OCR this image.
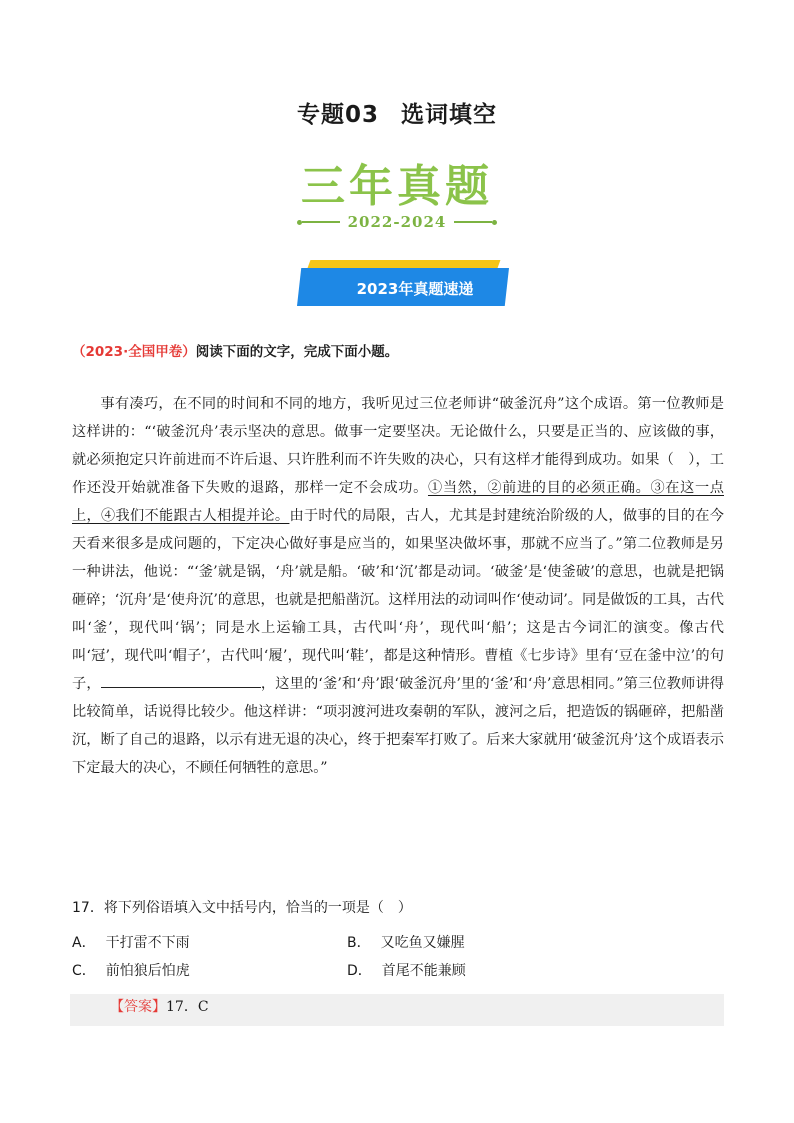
专题03 选词填空
三年真题
2022-2024
2023年真题速递
（2023·全国甲卷）阅读下面的文字，完成下面小题。

事有凑巧，在不同的时间和不同的地方，我听见过三位老师讲“破釜沉舟”这个成语。第一位教师是这样讲的：“‘破釜沉舟’表示坚决的意思。做事一定要坚决。无论做什么，只要是正当的、应该做的事，就必须抱定只许前进而不许后退、只许胜利而不许失败的决心，只有这样才能得到成功。如果（　），工作还没开始就准备下失败的退路，那样一定不会成功。①当然，②前进的目的必须正确。③在这一点上，④我们不能跟古人相提并论。由于时代的局限，古人，尤其是封建统治阶级的人，做事的目的在今天看来很多是成问题的，下定决心做好事是应当的，如果坚决做坏事，那就不应当了。”第二位教师是另一种讲法，他说：“‘釜’就是锅，‘舟’就是船。‘破’和‘沉’都是动词。‘破釜’是‘使釜破’的意思，也就是把锅砸碎；‘沉舟’是‘使舟沉’的意思，也就是把船凿沉。这样用法的动词叫作‘使动词’。同是做饭的工具，古代叫‘釜’，现代叫‘锅’；同是水上运输工具，古代叫‘舟’，现代叫‘船’；这是古今词汇的演变。像古代叫‘冠’，现代叫‘帽子’，古代叫‘履’，现代叫‘鞋’，都是这种情形。曹植《七步诗》里有‘豆在釜中泣’的句子，	，这里的‘釜’和‘舟’跟‘破釜沉舟’里的‘釜’和‘舟’意思相同。”第三位教师讲得比较简单，话说得比较少。他这样讲：“项羽渡河进攻秦朝的军队，渡河之后，把造饭的锅砸碎，把船凿沉，断了自己的退路，以示有进无退的决心，终于把秦军打败了。后来大家就用‘破釜沉舟’这个成语表示下定最大的决心，不顾任何牺牲的意思。”

17．将下列俗语填入文中括号内，恰当的一项是（　）
A． 干打雷不下雨	B． 又吃鱼又嫌腥
C． 前怕狼后怕虎	D． 首尾不能兼顾
【答案】17．C
